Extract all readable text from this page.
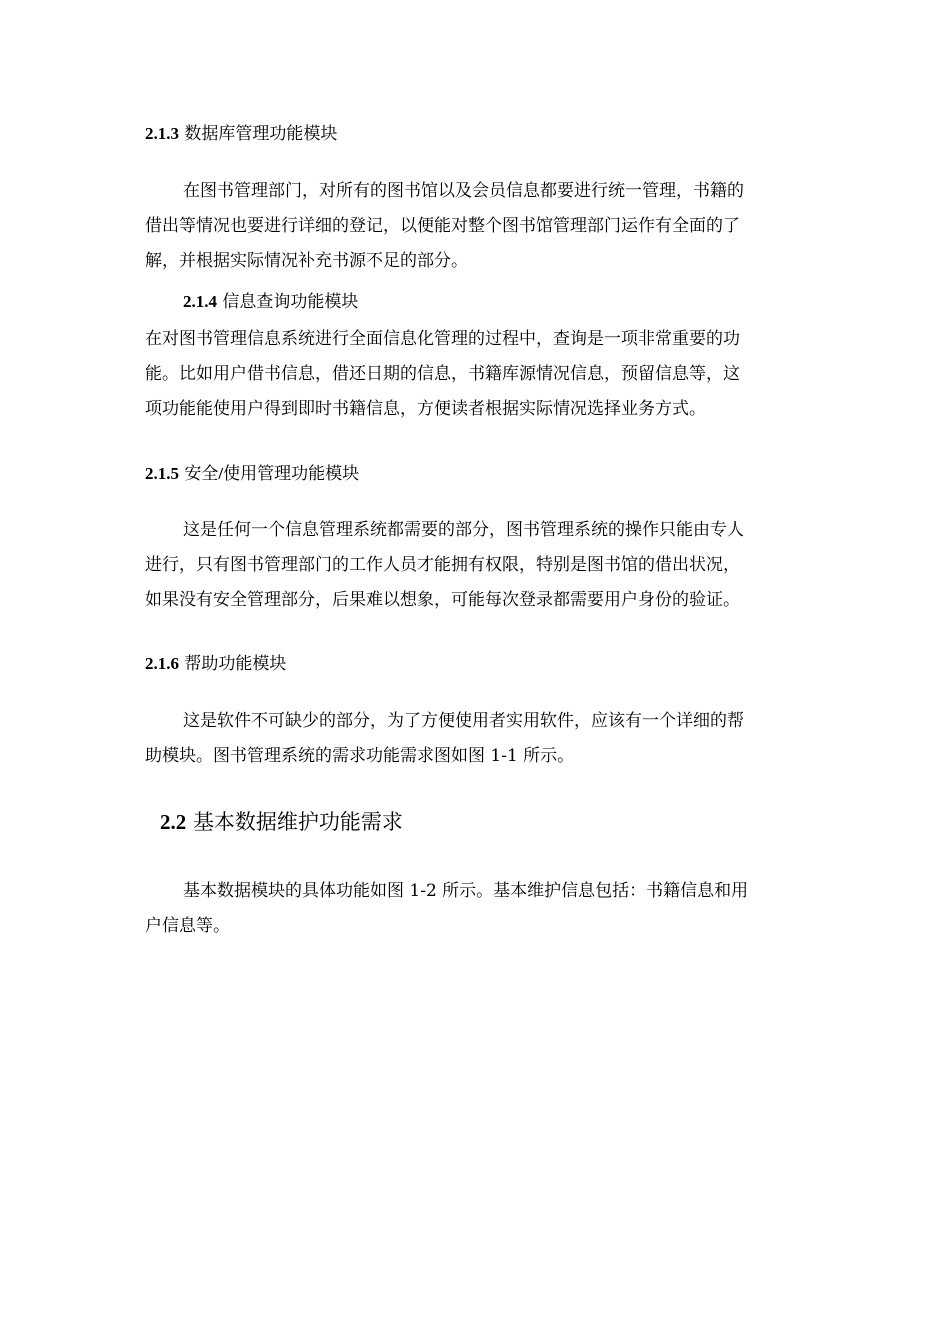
2.1.3 数据库管理功能模块
在图书管理部门，对所有的图书馆以及会员信息都要进行统一管理，书籍的
借出等情况也要进行详细的登记，以便能对整个图书馆管理部门运作有全面的了
解，并根据实际情况补充书源不足的部分。
2.1.4 信息查询功能模块
在对图书管理信息系统进行全面信息化管理的过程中，查询是一项非常重要的功
能。比如用户借书信息，借还日期的信息，书籍库源情况信息，预留信息等，这
项功能能使用户得到即时书籍信息，方便读者根据实际情况选择业务方式。
2.1.5 安全/使用管理功能模块
这是任何一个信息管理系统都需要的部分，图书管理系统的操作只能由专人
进行，只有图书管理部门的工作人员才能拥有权限，特别是图书馆的借出状况，
如果没有安全管理部分，后果难以想象，可能每次登录都需要用户身份的验证。
2.1.6 帮助功能模块
这是软件不可缺少的部分，为了方便使用者实用软件，应该有一个详细的帮
助模块。图书管理系统的需求功能需求图如图 1-1 所示。
2.2 基本数据维护功能需求
基本数据模块的具体功能如图 1-2 所示。基本维护信息包括：书籍信息和用
户信息等。
